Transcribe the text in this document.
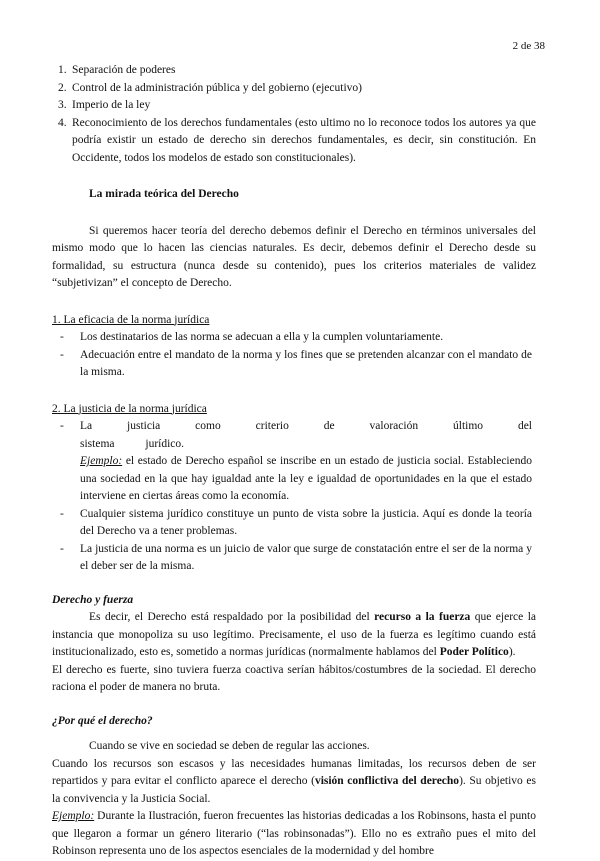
2 de 38

1. Separación de poderes

2. Control de la administración pública y del gobierno (ejecutivo)

3. Imperio de la ley

4. Reconocimiento de los derechos fundamentales (esto ultimo no lo reconoce todos los autores ya que podría existir un estado de derecho sin derechos fundamentales, es decir, sin constitución. En Occidente, todos los modelos de estado son constitucionales).

La mirada teórica del Derecho

Si queremos hacer teoría del derecho debemos definir el Derecho en términos universales del mismo modo que lo hacen las ciencias naturales. Es decir, debemos definir el Derecho desde su formalidad, su estructura (nunca desde su contenido), pues los criterios materiales de validez “subjetivizan” el concepto de Derecho.

1. La eficacia de la norma jurídica

- Los destinatarios de las norma se adecuan a ella y la cumplen voluntariamente.

- Adecuación entre el mandato de la norma y los fines que se pretenden alcanzar con el mandato de la misma.

2. La justicia de la norma jurídica

- La justicia como criterio de valoración último del sistema jurídico.
Ejemplo: el estado de Derecho español se inscribe en un estado de justicia social. Estableciendo una sociedad en la que hay igualdad ante la ley e igualdad de oportunidades en la que el estado interviene en ciertas áreas como la economía.

- Cualquier sistema jurídico constituye un punto de vista sobre la justicia. Aquí es donde la teoría del Derecho va a tener problemas.

- La justicia de una norma es un juicio de valor que surge de constatación entre el ser de la norma y el deber ser de la misma.

Derecho y fuerza

Es decir, el Derecho está respaldado por la posibilidad del recurso a la fuerza que ejerce la instancia que monopoliza su uso legítimo. Precisamente, el uso de la fuerza es legítimo cuando está institucionalizado, esto es, sometido a normas jurídicas (normalmente hablamos del Poder Político).

El derecho es fuerte, sino tuviera fuerza coactiva serían hábitos/costumbres de la sociedad. El derecho raciona el poder de manera no bruta.

¿Por qué el derecho?

Cuando se vive en sociedad se deben de regular las acciones.

Cuando los recursos son escasos y las necesidades humanas limitadas, los recursos deben de ser repartidos y para evitar el conflicto aparece el derecho (visión conflictiva del derecho). Su objetivo es la convivencia y la Justicia Social.

Ejemplo: Durante la Ilustración, fueron frecuentes las historias dedicadas a los Robinsons, hasta el punto que llegaron a formar un género literario (“las robinsonadas”). Ello no es extraño pues el mito del Robinson representa uno de los aspectos esenciales de la modernidad y del hombre
